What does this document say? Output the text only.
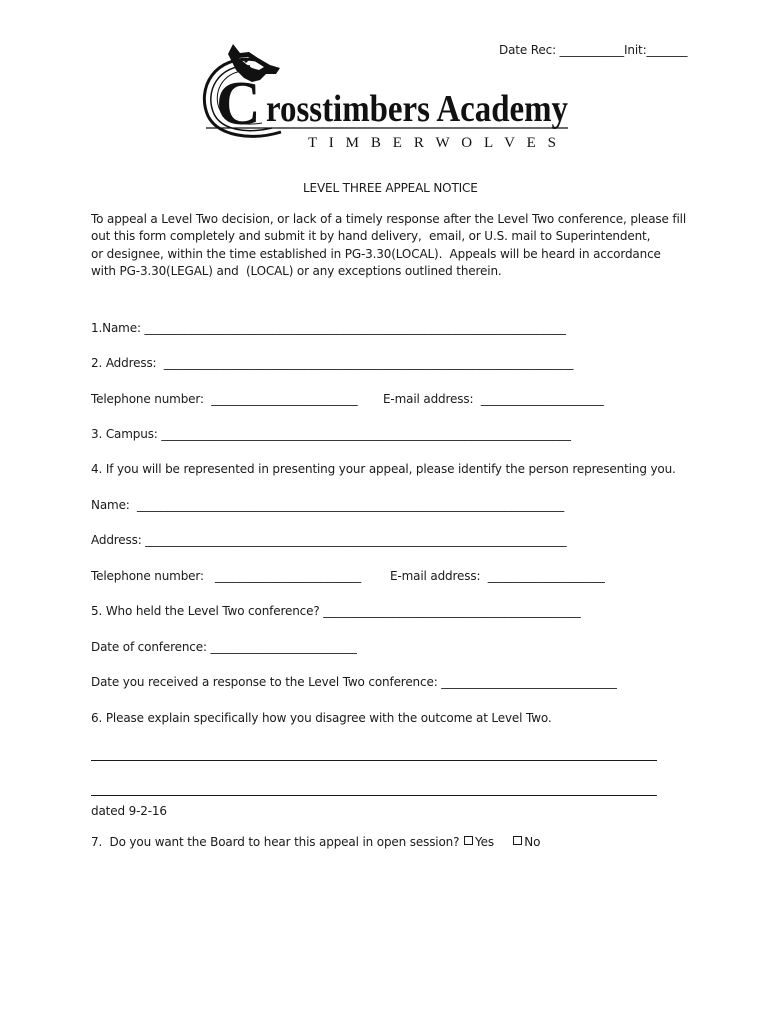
Date Rec: ___________Init:_______
C rosstimbers Academy
T I M B E R W O L V E S
LEVEL THREE APPEAL NOTICE
To appeal a Level Two decision, or lack of a timely response after the Level Two conference, please fill
out this form completely and submit it by hand delivery,  email, or U.S. mail to Superintendent,
or designee, within the time established in PG-3.30(LOCAL).  Appeals will be heard in accordance
with PG-3.30(LEGAL) and  (LOCAL) or any exceptions outlined therein.
1.Name: ________________________________________________________________________
2. Address:  ______________________________________________________________________
Telephone number:  _________________________ E-mail address:  _____________________
3. Campus: ______________________________________________________________________
4. If you will be represented in presenting your appeal, please identify the person representing you.
Name:  _________________________________________________________________________
Address: ________________________________________________________________________
Telephone number:   _________________________ E-mail address:  ____________________
5. Who held the Level Two conference? ____________________________________________
Date of conference: _________________________
Date you received a response to the Level Two conference: ______________________________
6. Please explain specifically how you disagree with the outcome at Level Two.
dated 9-2-16
7.  Do you want the Board to hear this appeal in open session? Yes	No
